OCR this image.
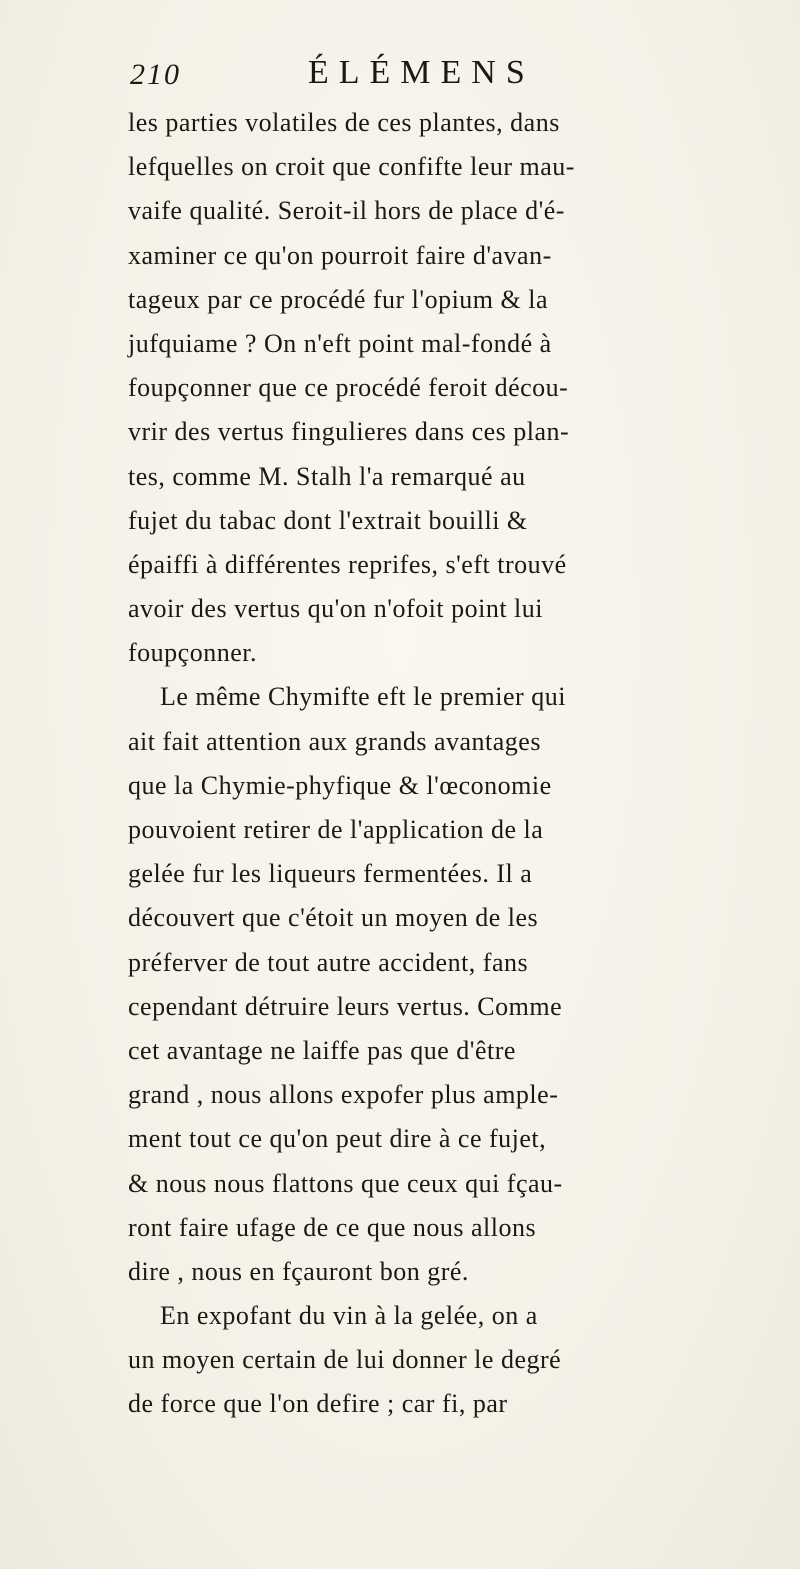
210	ÉLÉMENS
les parties volatiles de ces plantes, dans
lefquelles on croit que confifte leur mau-
vaife qualité. Seroit-il hors de place d'é-
xaminer ce qu'on pourroit faire d'avan-
tageux par ce procédé fur l'opium & la
jufquiame ? On n'eft point mal-fondé à
foupçonner que ce procédé feroit décou-
vrir des vertus fingulieres dans ces plan-
tes, comme M. Stalh l'a remarqué au
fujet du tabac dont l'extrait bouilli &
épaiffi à différentes reprifes, s'eft trouvé
avoir des vertus qu'on n'ofoit point lui
foupçonner.
Le même Chymifte eft le premier qui
ait fait attention aux grands avantages
que la Chymie-phyfique & l'œconomie
pouvoient retirer de l'application de la
gelée fur les liqueurs fermentées. Il a
découvert que c'étoit un moyen de les
préferver de tout autre accident, fans
cependant détruire leurs vertus. Comme
cet avantage ne laiffe pas que d'être
grand , nous allons expofer plus ample-
ment tout ce qu'on peut dire à ce fujet,
& nous nous flattons que ceux qui fçau-
ront faire ufage de ce que nous allons
dire , nous en fçauront bon gré.
En expofant du vin à la gelée, on a
un moyen certain de lui donner le degré
de force que l'on defire ; car fi, par
